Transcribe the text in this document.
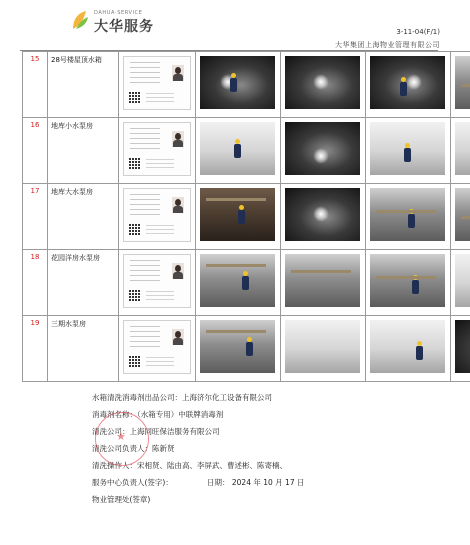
DAHUA·SERVICE
大华服务	3-11-04(F/1)
大华集团上海物业管理有限公司
15	28号楼屋顶水箱	

16	地库小水泵房	

17	地库大水泵房	

18	花园洋房水泵房	

19	三期水泵房	

水箱清洗消毒剂出品公司：上海济尔化工设备有限公司
消毒剂名称：（水箱专用）中联牌消毒剂
清洗公司：上海同旺保洁服务有限公司
清洗公司负责人：陈新贤
清洗操作人：宋相贤、陆由高、李屏武、曹述彬、陈寄楠、
服务中心负责人(签字)：	日期： 2024 年 10 月 17 日
物业管理处(签章)
★
